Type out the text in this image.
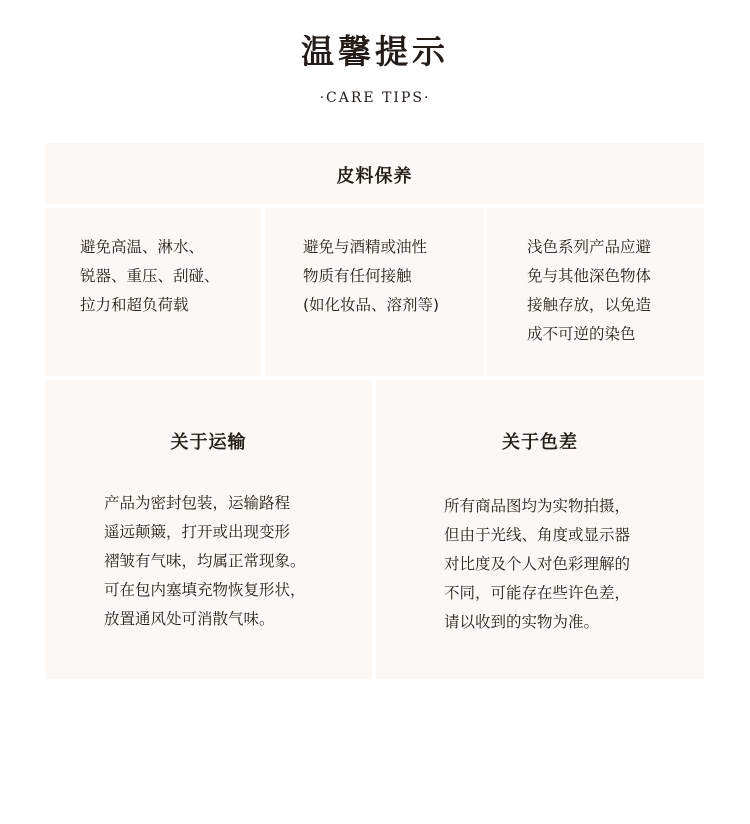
温馨提示
·CARE TIPS·
皮料保养
避免高温、淋水、
锐器、重压、刮碰、
拉力和超负荷载
避免与酒精或油性
物质有任何接触
(如化妆品、溶剂等)
浅色系列产品应避
免与其他深色物体
接触存放，以免造
成不可逆的染色
关于运输
产品为密封包装，运输路程
遥远颠簸，打开或出现变形
褶皱有气味，均属正常现象。
可在包内塞填充物恢复形状，
放置通风处可消散气味。
关于色差
所有商品图均为实物拍摄，
但由于光线、角度或显示器
对比度及个人对色彩理解的
不同，可能存在些许色差，
请以收到的实物为准。
